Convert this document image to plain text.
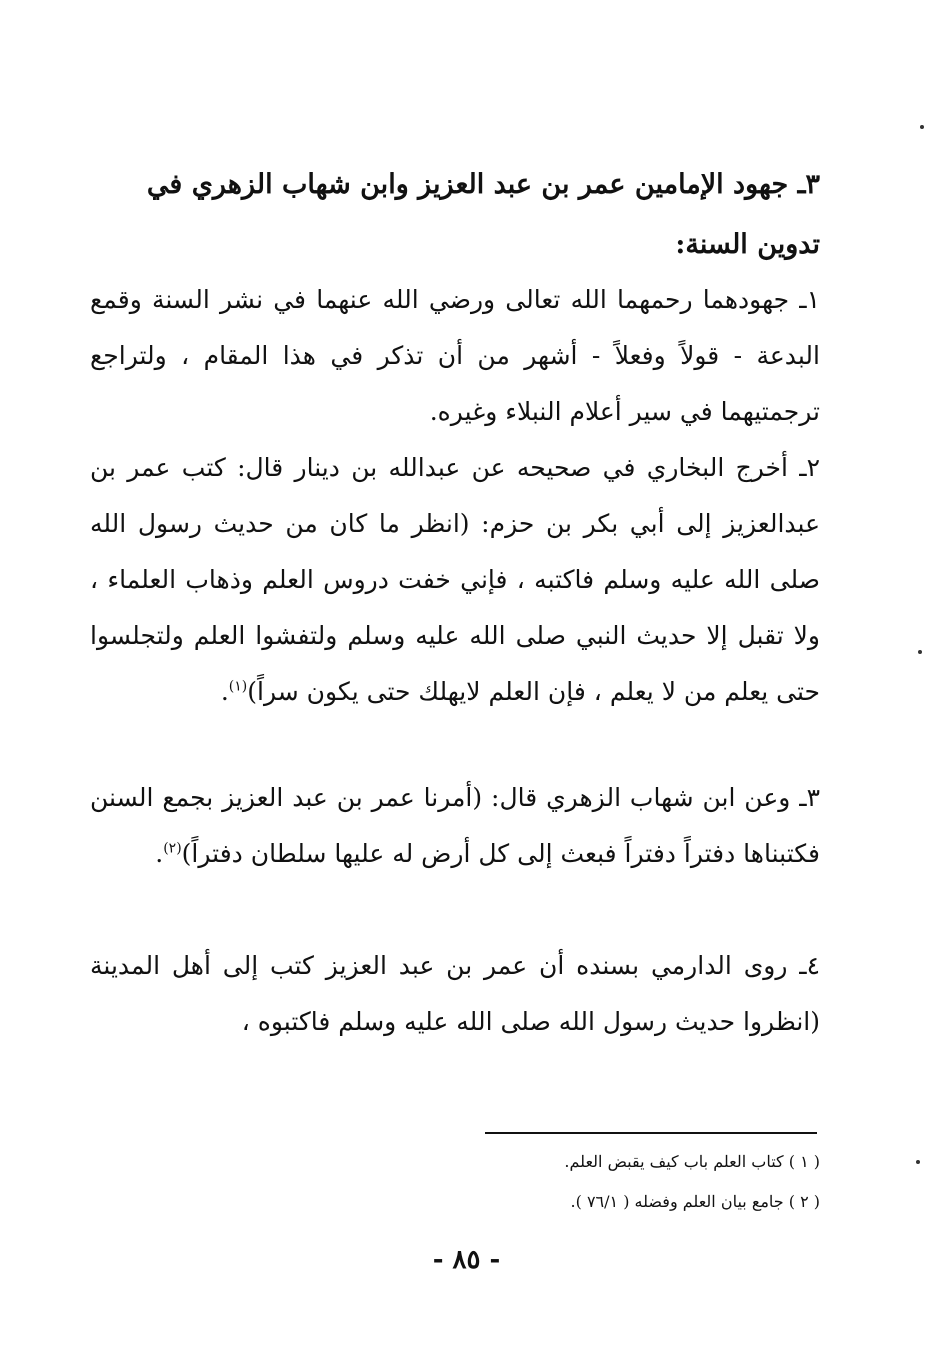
٣ـ جهود الإمامين عمر بن عبد العزيز وابن شهاب الزهري في
تدوين السنة:
١ـ جهودهما رحمهما الله تعالى ورضي الله عنهما في نشر السنة وقمع البدعة - قولاً وفعلاً - أشهر من أن تذكر في هذا المقام ، ولتراجع ترجمتيهما في سير أعلام النبلاء وغيره.
٢ـ أخرج البخاري في صحيحه عن عبدالله بن دينار قال: كتب عمر بن عبدالعزيز إلى أبي بكر بن حزم: (انظر ما كان من حديث رسول الله صلى الله عليه وسلم فاكتبه ، فإني خفت دروس العلم وذهاب العلماء ، ولا تقبل إلا حديث النبي صلى الله عليه وسلم ولتفشوا العلم ولتجلسوا حتى يعلم من لا يعلم ، فإن العلم لايهلك حتى يكون سراً)$^{(١)}$.
٣ـ وعن ابن شهاب الزهري قال: (أمرنا عمر بن عبد العزيز بجمع السنن فكتبناها دفتراً دفتراً فبعث إلى كل أرض له عليها سلطان دفتراً)$^{(٢)}$.
٤ـ روى الدارمي بسنده أن عمر بن عبد العزيز كتب إلى أهل المدينة (انظروا حديث رسول الله صلى الله عليه وسلم فاكتبوه ،
( ١ ) كتاب العلم باب كيف يقبض العلم.
( ٢ ) جامع بيان العلم وفضله ( ٧٦/١ ).
- ٨٥ -
